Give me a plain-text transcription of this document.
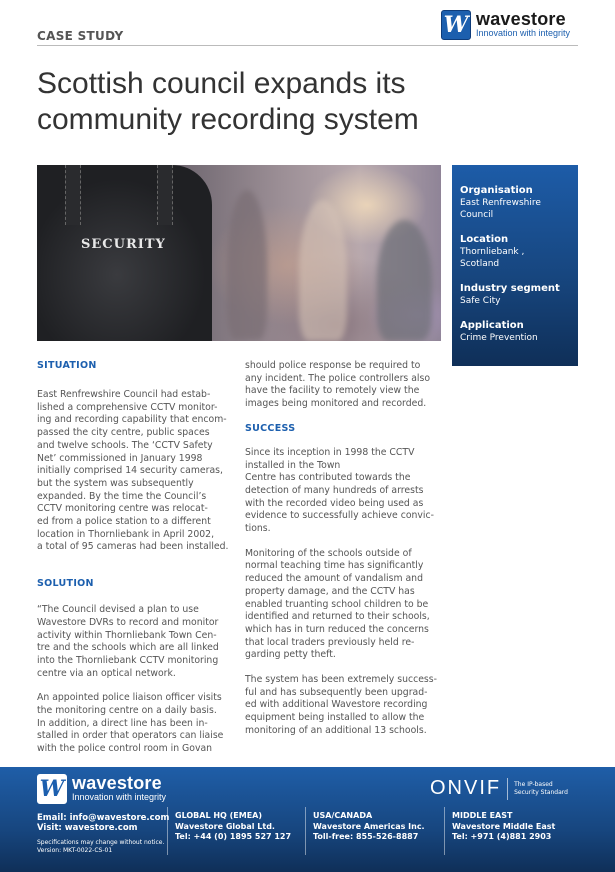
CASE STUDY	W wavestore
Innovation with integrity
Scottish council expands its
community recording system
SECURITY
Organisation
East Renfrewshire
Council
Location
Thornliebank ,
Scotland
Industry segment
Safe City
Application
Crime Prevention
SITUATION

East Renfrewshire Council had estab-
lished a comprehensive CCTV monitor-
ing and recording capability that encom-
passed the city centre, public spaces
and twelve schools. The ‘CCTV Safety
Net’ commissioned in January 1998
initially comprised 14 security cameras,
but the system was subsequently
expanded. By the time the Council’s
CCTV monitoring centre was relocat-
ed from a police station to a different
location in Thornliebank in April 2002,
a total of 95 cameras had been installed.

SOLUTION

“The Council devised a plan to use
Wavestore DVRs to record and monitor
activity within Thornliebank Town Cen-
tre and the schools which are all linked
into the Thornliebank CCTV monitoring
centre via an optical network.

An appointed police liaison officer visits
the monitoring centre on a daily basis.
In addition, a direct line has been in-
stalled in order that operators can liaise
with the police control room in Govan

should police response be required to
any incident. The police controllers also
have the facility to remotely view the
images being monitored and recorded.

SUCCESS

Since its inception in 1998 the CCTV
installed in the Town
Centre has contributed towards the
detection of many hundreds of arrests
with the recorded video being used as
evidence to successfully achieve convic-
tions.

Monitoring of the schools outside of
normal teaching time has significantly
reduced the amount of vandalism and
property damage, and the CCTV has
enabled truanting school children to be
identified and returned to their schools,
which has in turn reduced the concerns
that local traders previously held re-
garding petty theft.

The system has been extremely success-
ful and has subsequently been upgrad-
ed with additional Wavestore recording
equipment being installed to allow the
monitoring of an additional 13 schools.

W wavestore
Innovation with integrity	ONVIF The IP-based
Security Standard
Email: info@wavestore.com
Visit: wavestore.com
Specifications may change without notice.
Version: MKT-0022-CS-01
GLOBAL HQ (EMEA)
Wavestore Global Ltd.
Tel: +44 (0) 1895 527 127
USA/CANADA
Wavestore Americas Inc.
Toll-free: 855-526-8887
MIDDLE EAST
Wavestore Middle East
Tel: +971 (4)881 2903
